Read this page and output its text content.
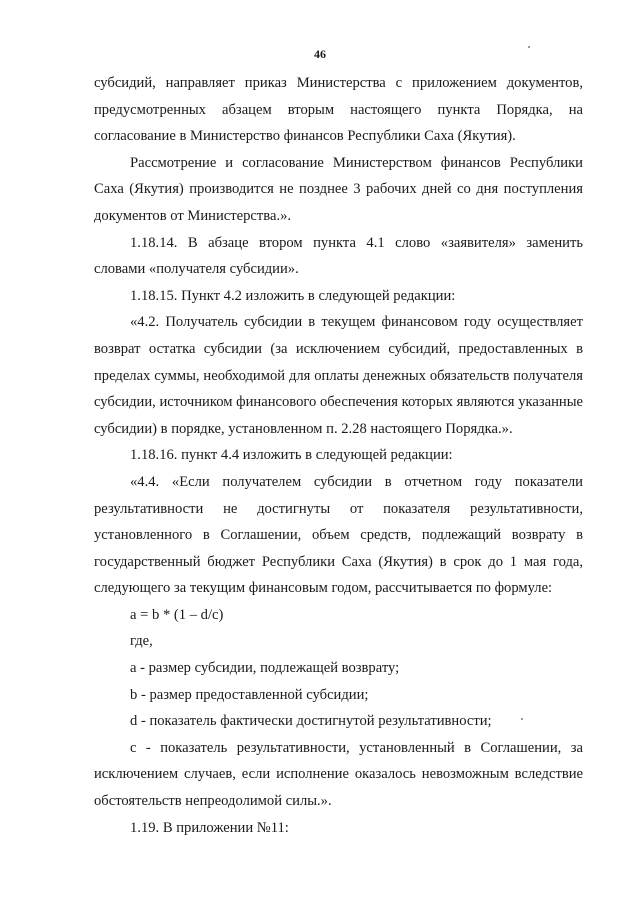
46

субсидий, направляет приказ Министерства с приложением документов, предусмотренных абзацем вторым настоящего пункта Порядка, на согласование в Министерство финансов Республики Саха (Якутия).

Рассмотрение и согласование Министерством финансов Республики Саха (Якутия) производится не позднее 3 рабочих дней со дня поступления документов от Министерства.».

1.18.14. В абзаце втором пункта 4.1 слово «заявителя» заменить словами «получателя субсидии».

1.18.15. Пункт 4.2 изложить в следующей редакции:

«4.2. Получатель субсидии в текущем финансовом году осуществляет возврат остатка субсидии (за исключением субсидий, предоставленных в пределах суммы, необходимой для оплаты денежных обязательств получателя субсидии, источником финансового обеспечения которых являются указанные субсидии) в порядке, установленном п. 2.28 настоящего Порядка.».

1.18.16. пункт 4.4 изложить в следующей редакции:

«4.4. «Если получателем субсидии в отчетном году показатели результативности не достигнуты от показателя результативности, установленного в Соглашении, объем средств, подлежащий возврату в государственный бюджет Республики Саха (Якутия) в срок до 1 мая года, следующего за текущим финансовым годом, рассчитывается по формуле:

a = b * (1 – d/c)

где,

a - размер субсидии, подлежащей возврату;

b - размер предоставленной субсидии;

d - показатель фактически достигнутой результативности;

с - показатель результативности, установленный в Соглашении, за исключением случаев, если исполнение оказалось невозможным вследствие обстоятельств непреодолимой силы.».

1.19. В приложении №11:
